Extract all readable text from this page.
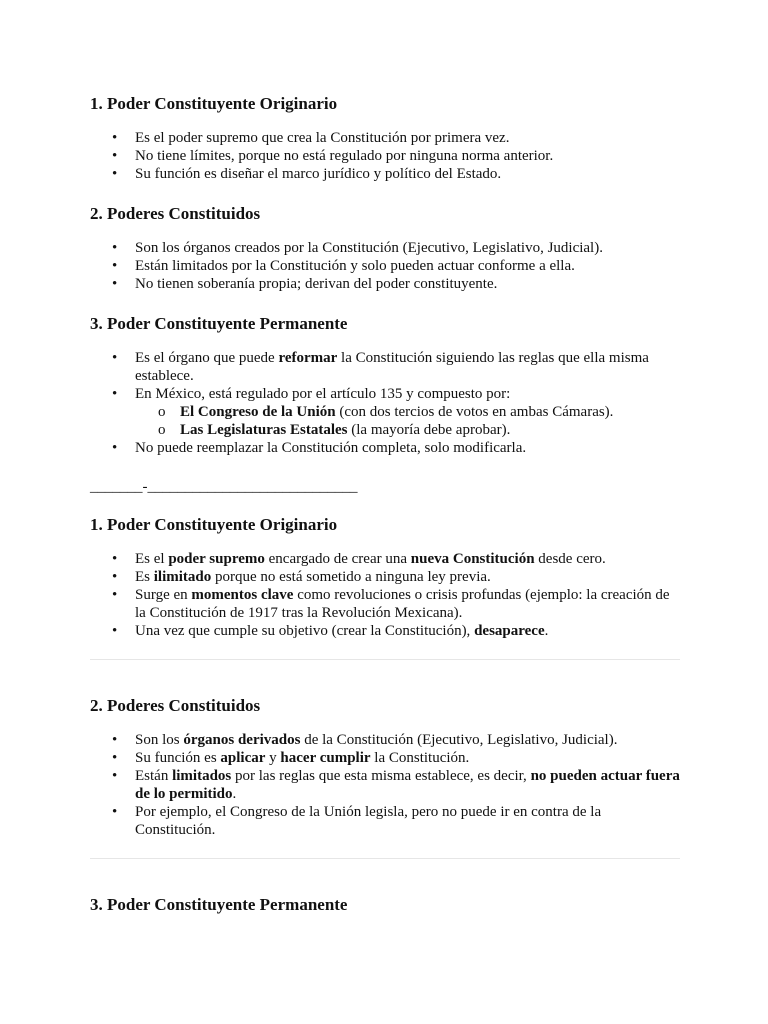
1. Poder Constituyente Originario
• Es el poder supremo que crea la Constitución por primera vez.
• No tiene límites, porque no está regulado por ninguna norma anterior.
• Su función es diseñar el marco jurídico y político del Estado.
2. Poderes Constituidos
• Son los órganos creados por la Constitución (Ejecutivo, Legislativo, Judicial).
• Están limitados por la Constitución y solo pueden actuar conforme a ella.
• No tienen soberanía propia; derivan del poder constituyente.
3. Poder Constituyente Permanente
• Es el órgano que puede reformar la Constitución siguiendo las reglas que ella misma establece.
• En México, está regulado por el artículo 135 y compuesto por:
o El Congreso de la Unión (con dos tercios de votos en ambas Cámaras).
o Las Legislaturas Estatales (la mayoría debe aprobar).
• No puede reemplazar la Constitución completa, solo modificarla.
_______-____________________________
1. Poder Constituyente Originario
• Es el poder supremo encargado de crear una nueva Constitución desde cero.
• Es ilimitado porque no está sometido a ninguna ley previa.
• Surge en momentos clave como revoluciones o crisis profundas (ejemplo: la creación de la Constitución de 1917 tras la Revolución Mexicana).
• Una vez que cumple su objetivo (crear la Constitución), desaparece.
2. Poderes Constituidos
• Son los órganos derivados de la Constitución (Ejecutivo, Legislativo, Judicial).
• Su función es aplicar y hacer cumplir la Constitución.
• Están limitados por las reglas que esta misma establece, es decir, no pueden actuar fuera de lo permitido.
• Por ejemplo, el Congreso de la Unión legisla, pero no puede ir en contra de la Constitución.
3. Poder Constituyente Permanente
